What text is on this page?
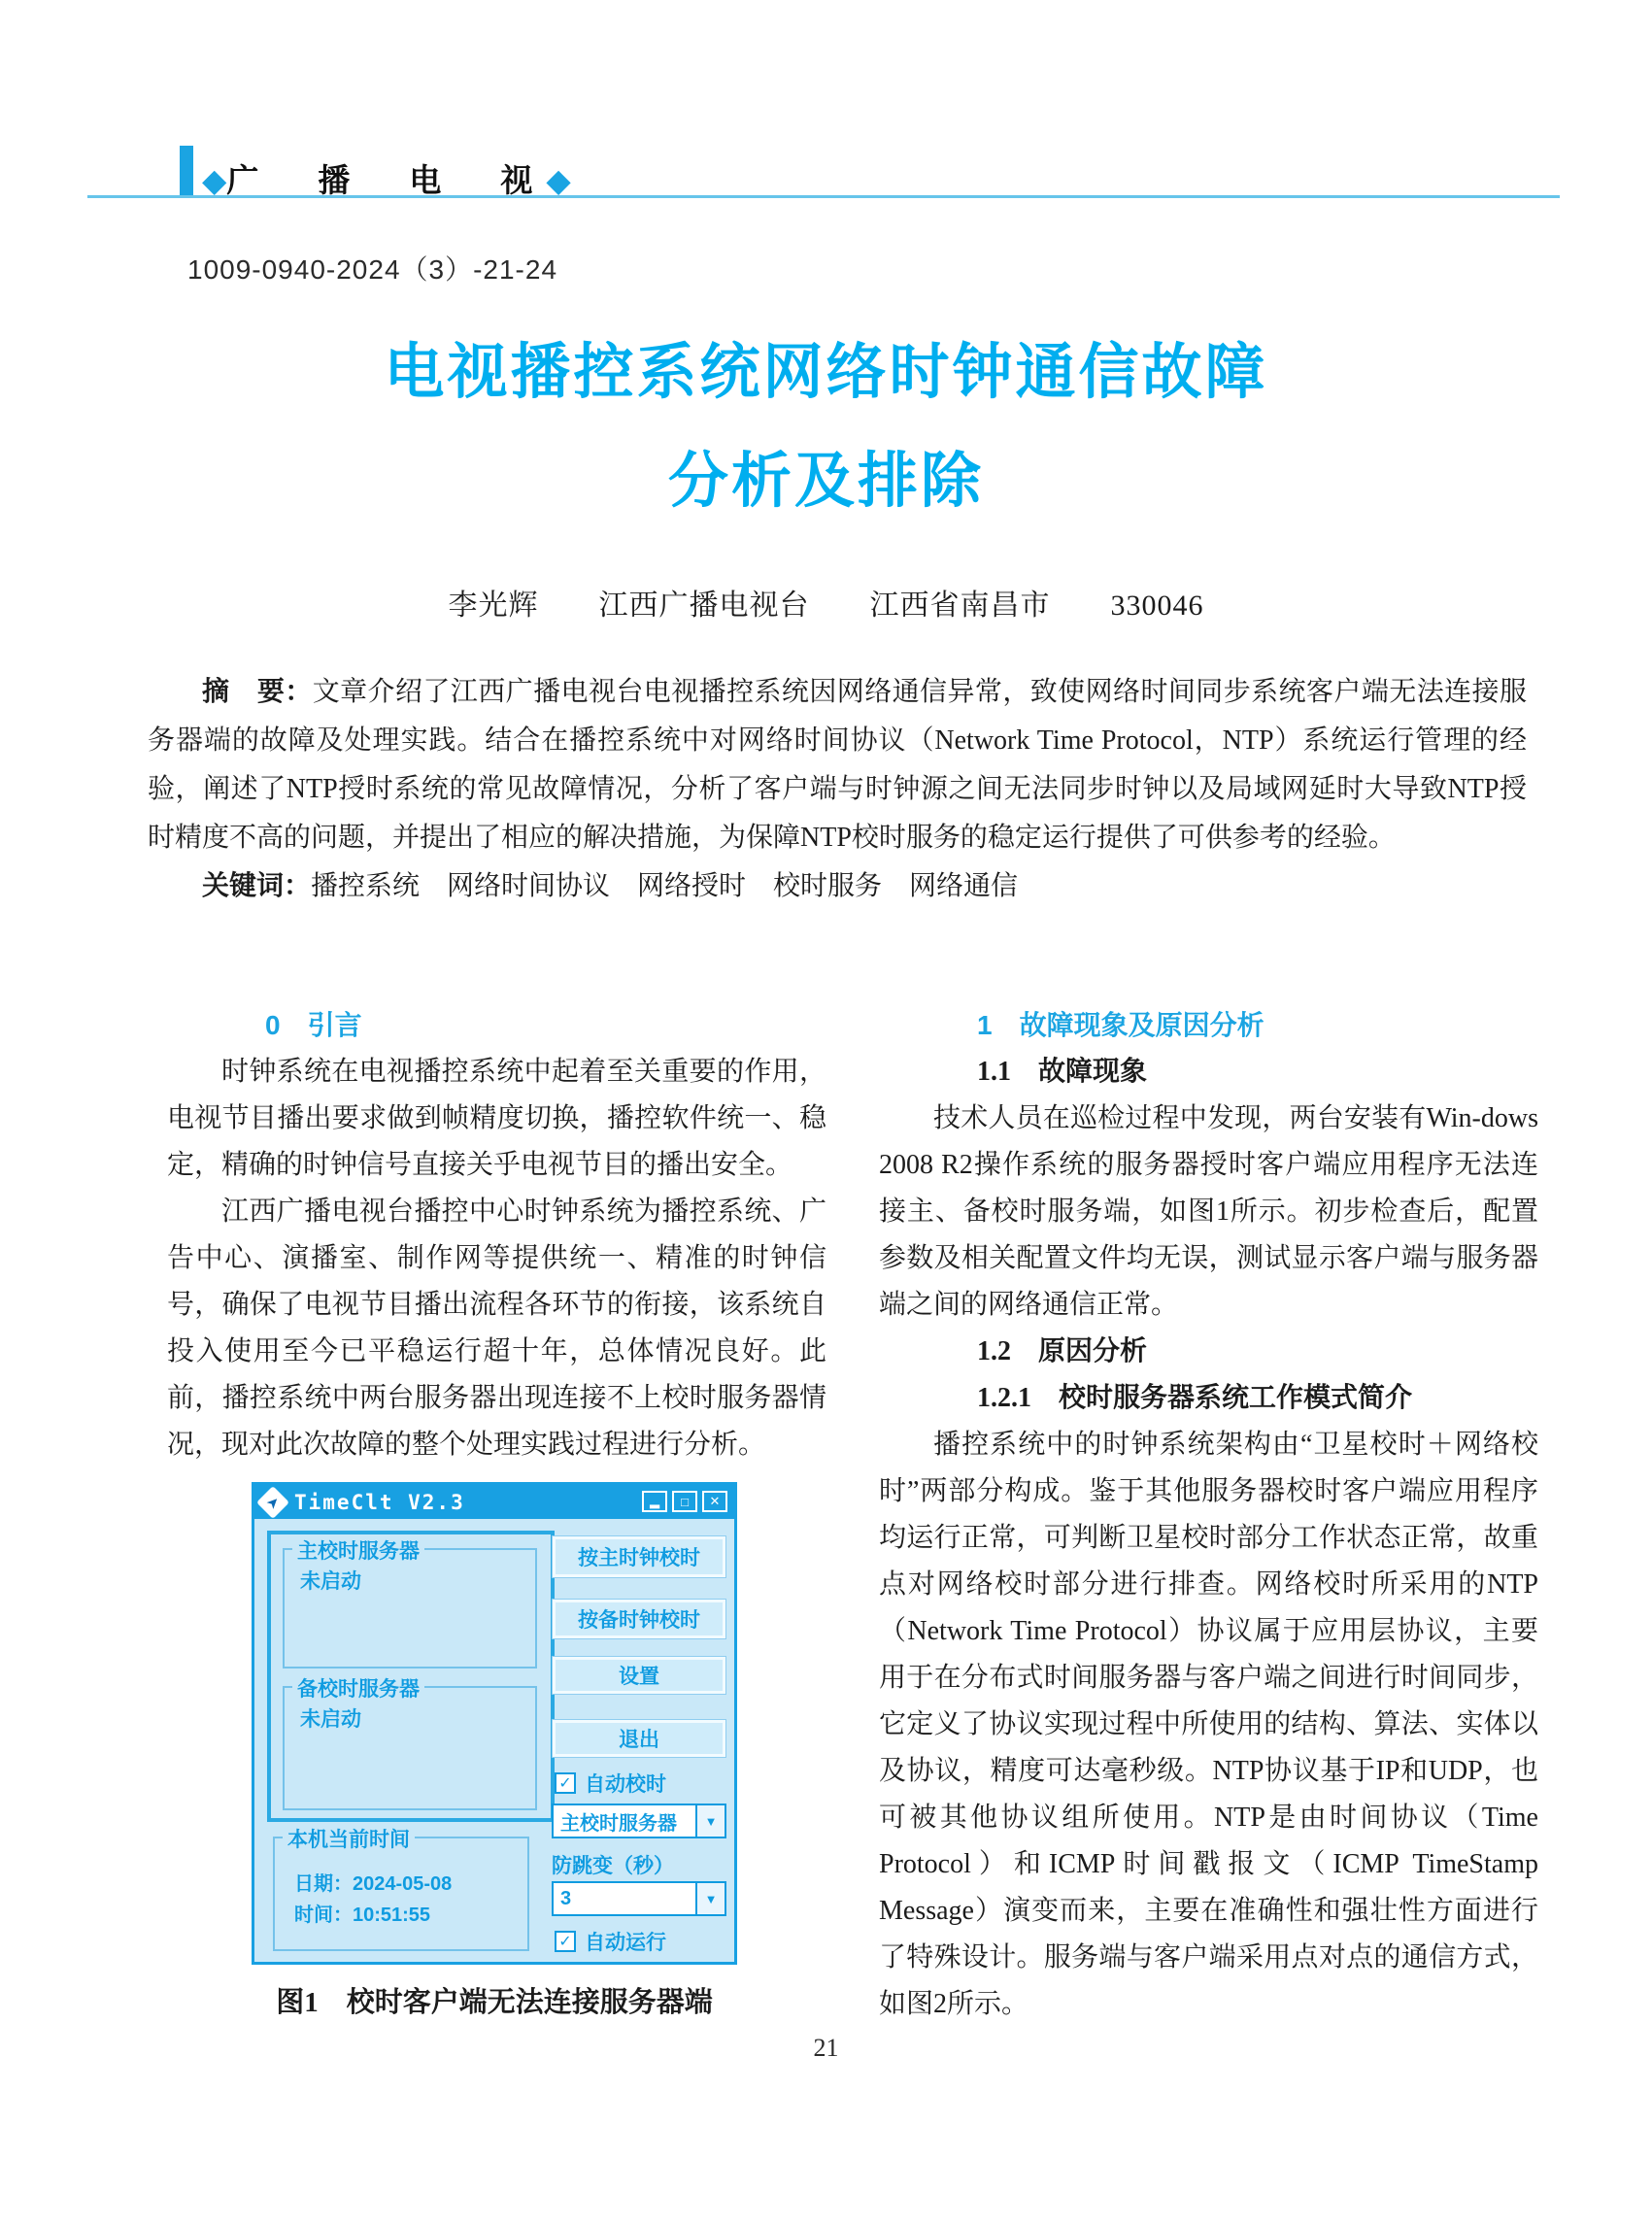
◆广　播　电　视◆
1009-0940-2024（3）-21-24
电视播控系统网络时钟通信故障
分析及排除
李光辉　　江西广播电视台　　江西省南昌市　　330046

摘　要：文章介绍了江西广播电视台电视播控系统因网络通信异常，致使网络时间同步系统客户端无法连接服务器端的故障及处理实践。结合在播控系统中对网络时间协议（Network Time Protocol，NTP）系统运行管理的经验，阐述了NTP授时系统的常见故障情况，分析了客户端与时钟源之间无法同步时钟以及局域网延时大导致NTP授时精度不高的问题，并提出了相应的解决措施，为保障NTP校时服务的稳定运行提供了可供参考的经验。

关键词：播控系统　网络时间协议　网络授时　校时服务　网络通信

0　引言

时钟系统在电视播控系统中起着至关重要的作用，电视节目播出要求做到帧精度切换，播控软件统一、稳定，精确的时钟信号直接关乎电视节目的播出安全。

江西广播电视台播控中心时钟系统为播控系统、广告中心、演播室、制作网等提供统一、精准的时钟信号，确保了电视节目播出流程各环节的衔接，该系统自投入使用至今已平稳运行超十年，总体情况良好。此前，播控系统中两台服务器出现连接不上校时服务器情况，现对此次故障的整个处理实践过程进行分析。

➤ TimeClt V2.3	▂	□	✕
主校时服务器
未启动
备校时服务器
未启动
本机当前时间
日期：2024-05-08
时间：10:51:55
按主时钟校时
按备时钟校时
设置
退出
✓ 自动校时
主校时服务器	▼
防跳变（秒）
3	▼
✓ 自动运行
图1　校时客户端无法连接服务器端

1　故障现象及原因分析

1.1　故障现象

技术人员在巡检过程中发现，两台安装有Win-dows 2008 R2操作系统的服务器授时客户端应用程序无法连接主、备校时服务端，如图1所示。初步检查后，配置参数及相关配置文件均无误，测试显示客户端与服务器端之间的网络通信正常。

1.2　原因分析

1.2.1　校时服务器系统工作模式简介

播控系统中的时钟系统架构由“卫星校时＋网络校时”两部分构成。鉴于其他服务器校时客户端应用程序均运行正常，可判断卫星校时部分工作状态正常，故重点对网络校时部分进行排查。网络校时所采用的NTP（Network Time Protocol）协议属于应用层协议，主要用于在分布式时间服务器与客户端之间进行时间同步，它定义了协议实现过程中所使用的结构、算法、实体以及协议，精度可达毫秒级。NTP协议基于IP和UDP，也可被其他协议组所使用。NTP是由时间协议（Time Protocol）和ICMP时间戳报文（ICMP TimeStamp Message）演变而来，主要在准确性和强壮性方面进行了特殊设计。服务端与客户端采用点对点的通信方式，如图2所示。

21
